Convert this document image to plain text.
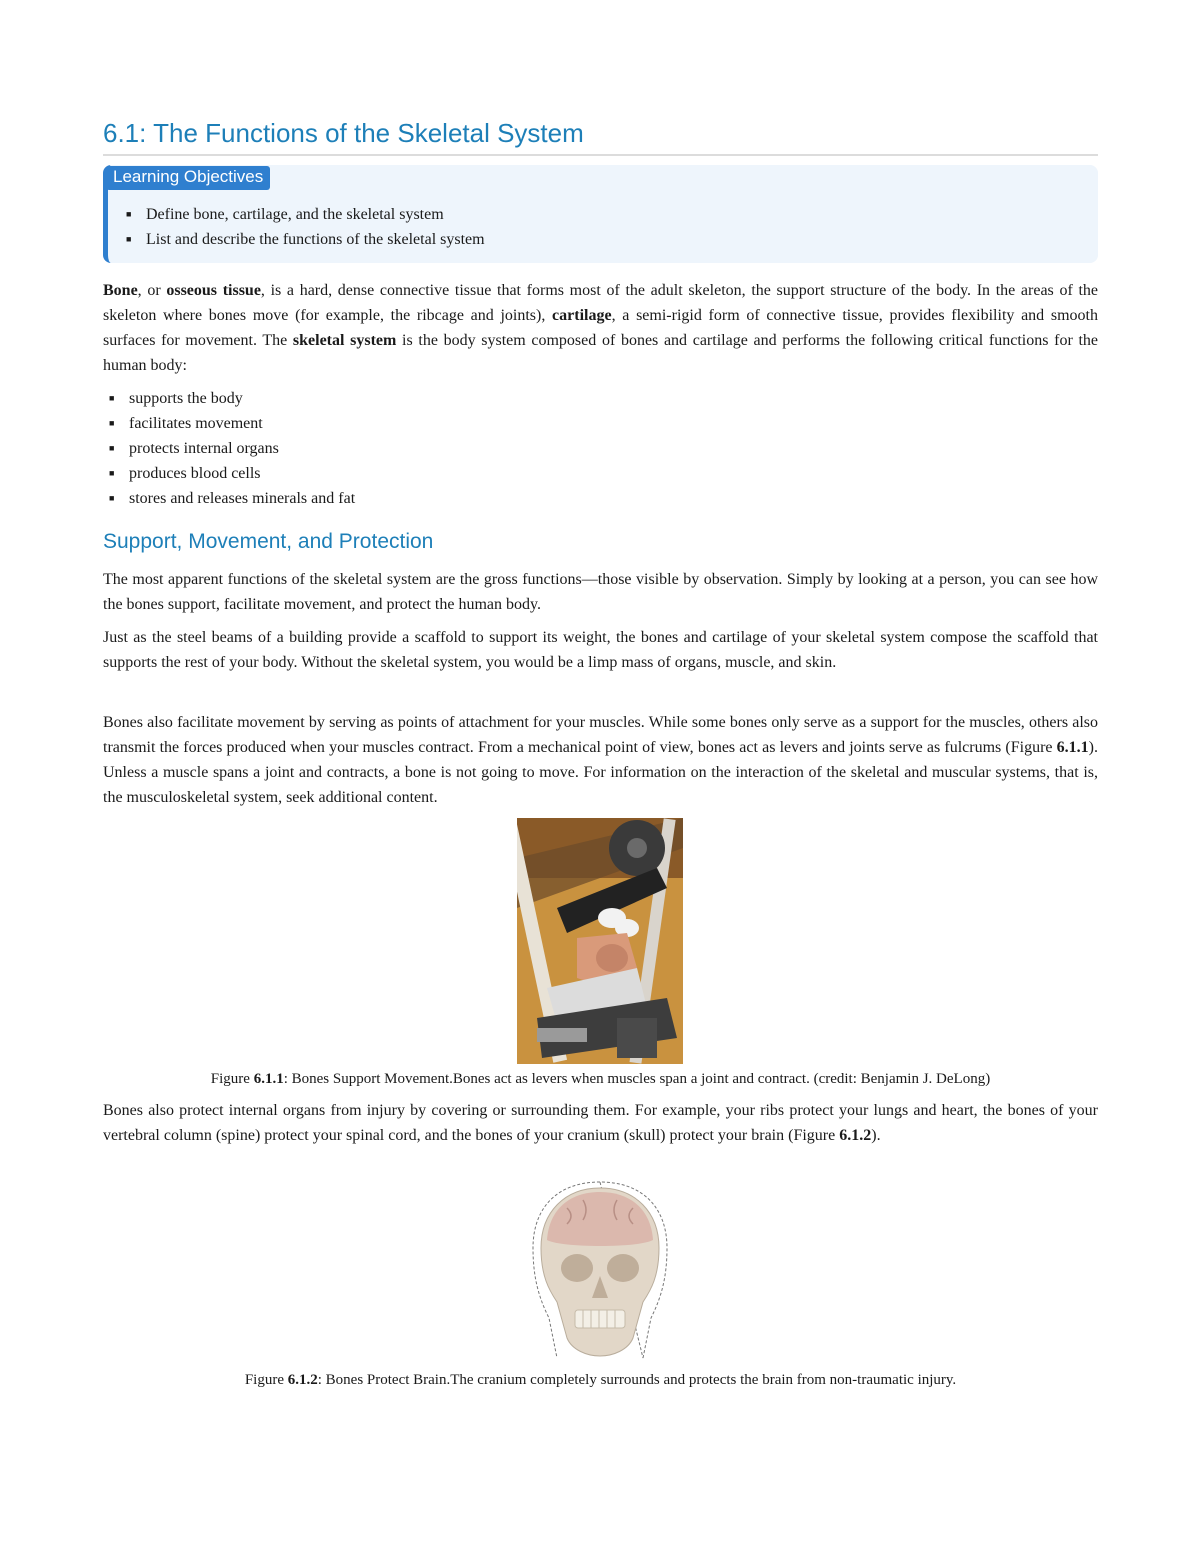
6.1: The Functions of the Skeletal System
Learning Objectives
■ Define bone, cartilage, and the skeletal system
■ List and describe the functions of the skeletal system

Bone, or osseous tissue, is a hard, dense connective tissue that forms most of the adult skeleton, the support structure of the body. In the areas of the skeleton where bones move (for example, the ribcage and joints), cartilage, a semi-rigid form of connective tissue, provides flexibility and smooth surfaces for movement. The skeletal system is the body system composed of bones and cartilage and performs the following critical functions for the human body:

■ supports the body
■ facilitates movement
■ protects internal organs
■ produces blood cells
■ stores and releases minerals and fat
Support, Movement, and Protection

The most apparent functions of the skeletal system are the gross functions—those visible by observation. Simply by looking at a person, you can see how the bones support, facilitate movement, and protect the human body.

Just as the steel beams of a building provide a scaffold to support its weight, the bones and cartilage of your skeletal system compose the scaffold that supports the rest of your body. Without the skeletal system, you would be a limp mass of organs, muscle, and skin.

Bones also facilitate movement by serving as points of attachment for your muscles. While some bones only serve as a support for the muscles, others also transmit the forces produced when your muscles contract. From a mechanical point of view, bones act as levers and joints serve as fulcrums (Figure 6.1.1). Unless a muscle spans a joint and contracts, a bone is not going to move. For information on the interaction of the skeletal and muscular systems, that is, the musculoskeletal system, seek additional content.

Figure 6.1.1: Bones Support Movement.Bones act as levers when muscles span a joint and contract. (credit: Benjamin J. DeLong)

Bones also protect internal organs from injury by covering or surrounding them. For example, your ribs protect your lungs and heart, the bones of your vertebral column (spine) protect your spinal cord, and the bones of your cranium (skull) protect your brain (Figure 6.1.2).

Figure 6.1.2: Bones Protect Brain.The cranium completely surrounds and protects the brain from non-traumatic injury.
